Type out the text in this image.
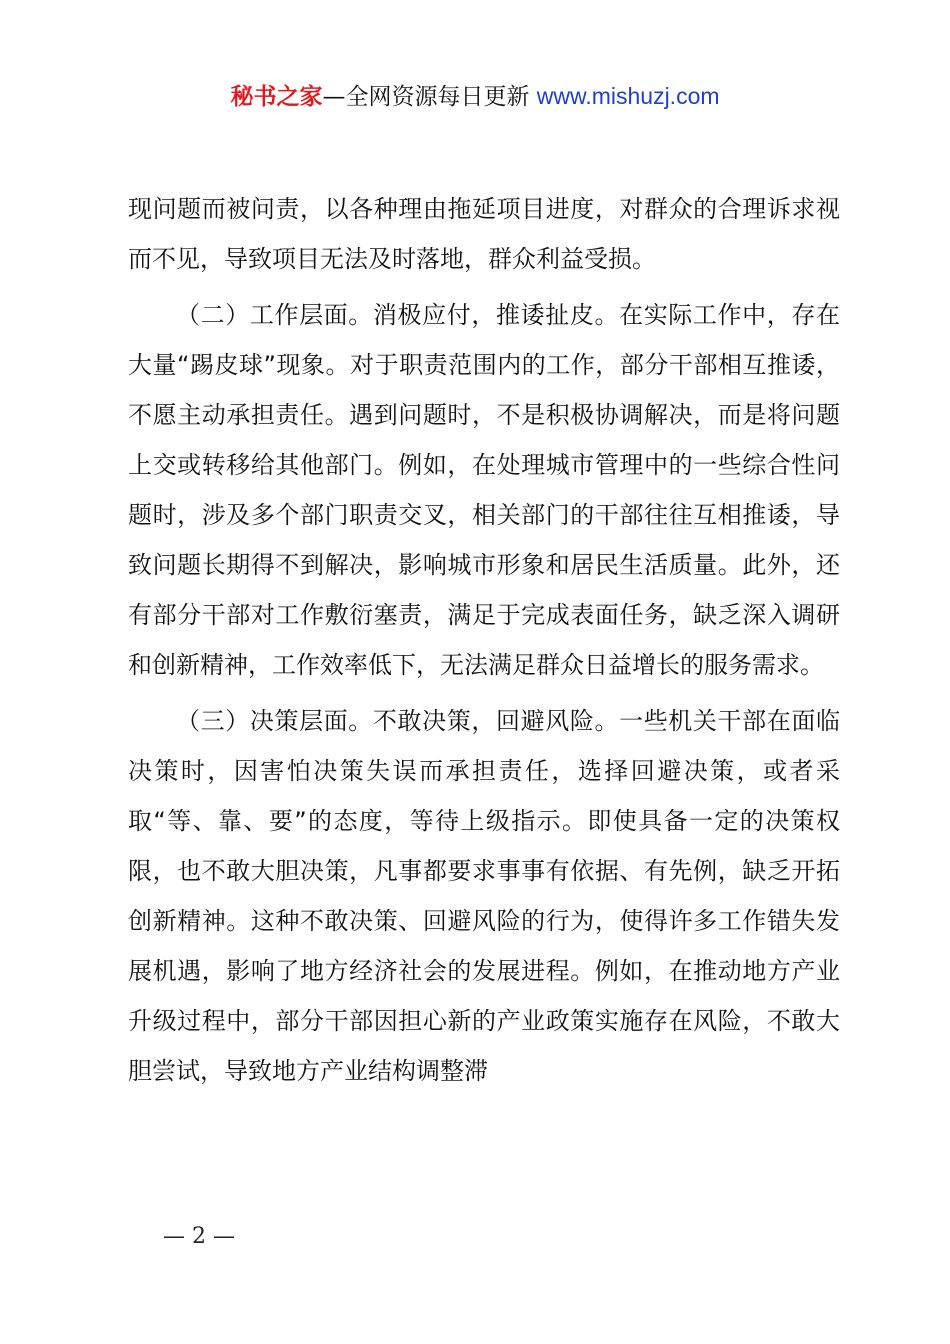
秘书之家—全网资源每日更新 www.mishuzj.com

现问题而被问责，以各种理由拖延项目进度，对群众的合理诉求视而不见，导致项目无法及时落地，群众利益受损。

（二）工作层面。消极应付，推诿扯皮。在实际工作中，存在大量“踢皮球”现象。对于职责范围内的工作，部分干部相互推诿，不愿主动承担责任。遇到问题时，不是积极协调解决，而是将问题上交或转移给其他部门。例如，在处理城市管理中的一些综合性问题时，涉及多个部门职责交叉，相关部门的干部往往互相推诿，导致问题长期得不到解决，影响城市形象和居民生活质量。此外，还有部分干部对工作敷衍塞责，满足于完成表面任务，缺乏深入调研和创新精神，工作效率低下，无法满足群众日益增长的服务需求。

（三）决策层面。不敢决策，回避风险。一些机关干部在面临决策时，因害怕决策失误而承担责任，选择回避决策，或者采取“等、靠、要”的态度，等待上级指示。即使具备一定的决策权限，也不敢大胆决策，凡事都要求事事有依据、有先例，缺乏开拓创新精神。这种不敢决策、回避风险的行为，使得许多工作错失发展机遇，影响了地方经济社会的发展进程。例如，在推动地方产业升级过程中，部分干部因担心新的产业政策实施存在风险，不敢大胆尝试，导致地方产业结构调整滞

— 2 —
